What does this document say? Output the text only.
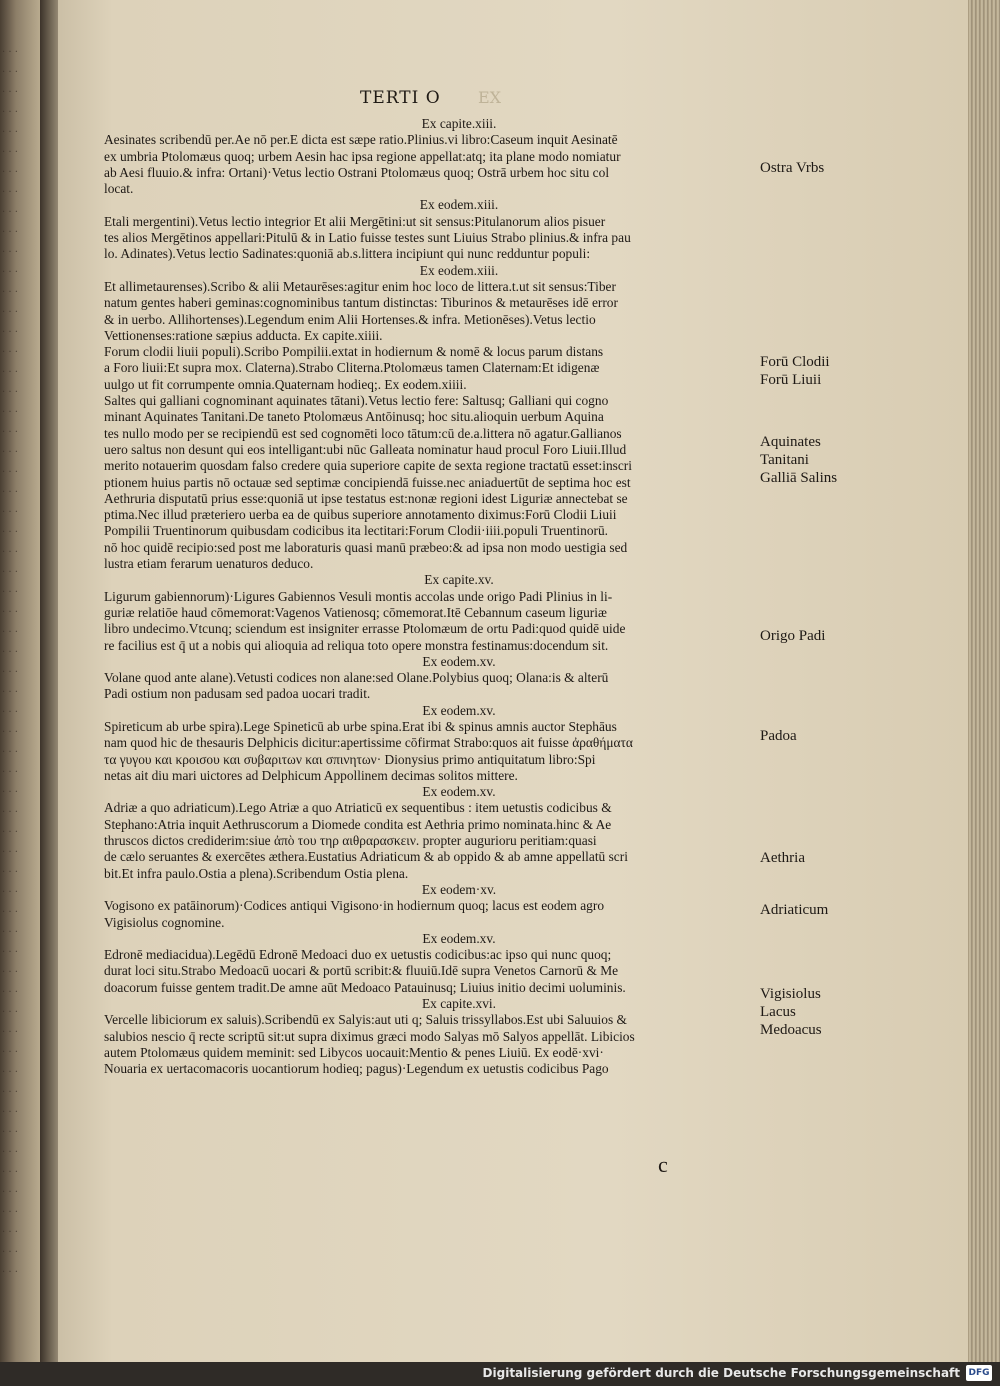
. . .
. . .
. . .
. . .
. . .
. . .
. . .
. . .
. . .
. . .
. . .
. . .
. . .
. . .
. . .
. . .
. . .
. . .
. . .
. . .
. . .
. . .
. . .
. . .
. . .
. . .
. . .
. . .
. . .
. . .
. . .
. . .
. . .
. . .
. . .
. . .
. . .
. . .
. . .
. . .
. . .
. . .
. . .
. . .
. . .
. . .
. . .
. . .
. . .
. . .
. . .
. . .
. . .
. . .
. . .
. . .
. . .
. . .
. . .
. . .
. . .
. . .
TERTI O EX
Ex capite.xiii.
Aesinates scribendū per.Ae nō per.E dicta est sæpe ratio.Plinius.vi libro:Caseum inquit Aesinatē
ex umbria Ptolomæus quoq; urbem Aesin hac ipsa regione appellat:atq; ita plane modo nomiatur
ab Aesi fluuio.& infra: Ortani)·Vetus lectio Ostrani Ptolomæus quoq; Ostrā urbem hoc situ col
locat.
Ex eodem.xiii.
Etali mergentini).Vetus lectio integrior Et alii Mergētini:ut sit sensus:Pitulanorum alios pisuer
tes alios Mergētinos appellari:Pitulū & in Latio fuisse testes sunt Liuius Strabo plinius.& infra pau
lo. Adinates).Vetus lectio Sadinates:quoniā ab.s.littera incipiunt qui nunc redduntur populi:
Ex eodem.xiii.
Et allimetaurenses).Scribo & alii Metaurēses:agitur enim hoc loco de littera.t.ut sit sensus:Tiber
natum gentes haberi geminas:cognominibus tantum distinctas: Tiburinos & metaurēses idē error
& in uerbo. Allihortenses).Legendum enim Alii Hortenses.& infra. Metionēses).Vetus lectio
Vettionenses:ratione sæpius adducta. Ex capite.xiiii.
Forum clodii liuii populi).Scribo Pompilii.extat in hodiernum & nomē & locus parum distans
a Foro liuii:Et supra mox. Claterna).Strabo Cliterna.Ptolomæus tamen Claternam:Et idigenæ
uulgo ut fit corrumpente omnia.Quaternam hodieq;. Ex eodem.xiiii.
Saltes qui galliani cognominant aquinates tātani).Vetus lectio fere: Saltusq; Galliani qui cogno
minant Aquinates Tanitani.De taneto Ptolomæus Antōinusq; hoc situ.alioquin uerbum Aquina
tes nullo modo per se recipiendū est sed cognomēti loco tātum:cū de.a.littera nō agatur.Gallianos
uero saltus non desunt qui eos intelligant:ubi nūc Galleata nominatur haud procul Foro Liuii.Illud
merito notauerim quosdam falso credere quia superiore capite de sexta regione tractatū esset:inscri
ptionem huius partis nō octauæ sed septimæ concipiendā fuisse.nec aniaduertūt de septima hoc est
Aethruria disputatū prius esse:quoniā ut ipse testatus est:nonæ regioni idest Liguriæ annectebat se
ptima.Nec illud præteriero uerba ea de quibus superiore annotamento diximus:Forū Clodii Liuii
Pompilii Truentinorum quibusdam codicibus ita lectitari:Forum Clodii·iiii.populi Truentinorū.
nō hoc quidē recipio:sed post me laboraturis quasi manū præbeo:& ad ipsa non modo uestigia sed
lustra etiam ferarum uenaturos deduco.
Ex capite.xv.
Ligurum gabiennorum)·Ligures Gabiennos Vesuli montis accolas unde origo Padi Plinius in li-
guriæ relatiōe haud cōmemorat:Vagenos Vatienosq; cōmemorat.Itē Cebannum caseum liguriæ
libro undecimo.Vtcunq; sciendum est insigniter errasse Ptolomæum de ortu Padi:quod quidē uide
re facilius est q̄ ut a nobis qui alioquia ad reliqua toto opere monstra festinamus:docendum sit.
Ex eodem.xv.
Volane quod ante alane).Vetusti codices non alane:sed Olane.Polybius quoq; Olana:is & alterū
Padi ostium non padusam sed padoa uocari tradit.
Ex eodem.xv.
Spireticum ab urbe spira).Lege Spineticū ab urbe spina.Erat ibi & spinus amnis auctor Stephāus
nam quod hic de thesauris Delphicis dicitur:apertissime cōfirmat Strabo:quos ait fuisse ἀραθήματα
τα γυγου και κροισου και συβαριτων και σπινητων· Dionysius primo antiquitatum libro:Spi
netas ait diu mari uictores ad Delphicum Appollinem decimas solitos mittere.
Ex eodem.xv.
Adriæ a quo adriaticum).Lego Atriæ a quo Atriaticū ex sequentibus : item uetustis codicibus &
Stephano:Atria inquit Aethruscorum a Diomede condita est Aethria primo nominata.hinc & Ae
thruscos dictos crediderim:siue ἀπὸ του τηρ αιθραρασκειν. propter augurioru peritiam:quasi
de cælo seruantes & exercētes æthera.Eustatius Adriaticum & ab oppido & ab amne appellatū scri
bit.Et infra paulo.Ostia a plena).Scribendum Ostia plena.
Ex eodem·xv.
Vogisono ex patāinorum)·Codices antiqui Vigisono·in hodiernum quoq; lacus est eodem agro
Vigisiolus cognomine.
Ex eodem.xv.
Edronē mediacidua).Legēdū Edronē Medoaci duo ex uetustis codicibus:ac ipso qui nunc quoq;
durat loci situ.Strabo Medoacū uocari & portū scribit:& fluuiū.Idē supra Venetos Carnorū & Me
doacorum fuisse gentem tradit.De amne aūt Medoaco Patauinusq; Liuius initio decimi uoluminis.
Ex capite.xvi.
Vercelle libiciorum ex saluis).Scribendū ex Salyis:aut uti q; Saluis trissyllabos.Est ubi Saluuios &
salubios nescio q̄ recte scriptū sit:ut supra diximus græci modo Salyas mō Salyos appellāt. Libicios
autem Ptolomæus quidem meminit: sed Libycos uocauit:Mentio & penes Liuiū. Ex eodē·xvi·
Nouaria ex uertacomacoris uocantiorum hodieq; pagus)·Legendum ex uetustis codicibus Pago
Ostra Vrbs
Forū Clodii
Forū Liuii
Aquinates
Tanitani
Galliā Salins
Origo Padi
Padoa
Aethria
Adriaticum
Vigisiolus
Lacus
Medoacus
c
Digitalisierung gefördert durch die Deutsche Forschungsgemeinschaft DFG
